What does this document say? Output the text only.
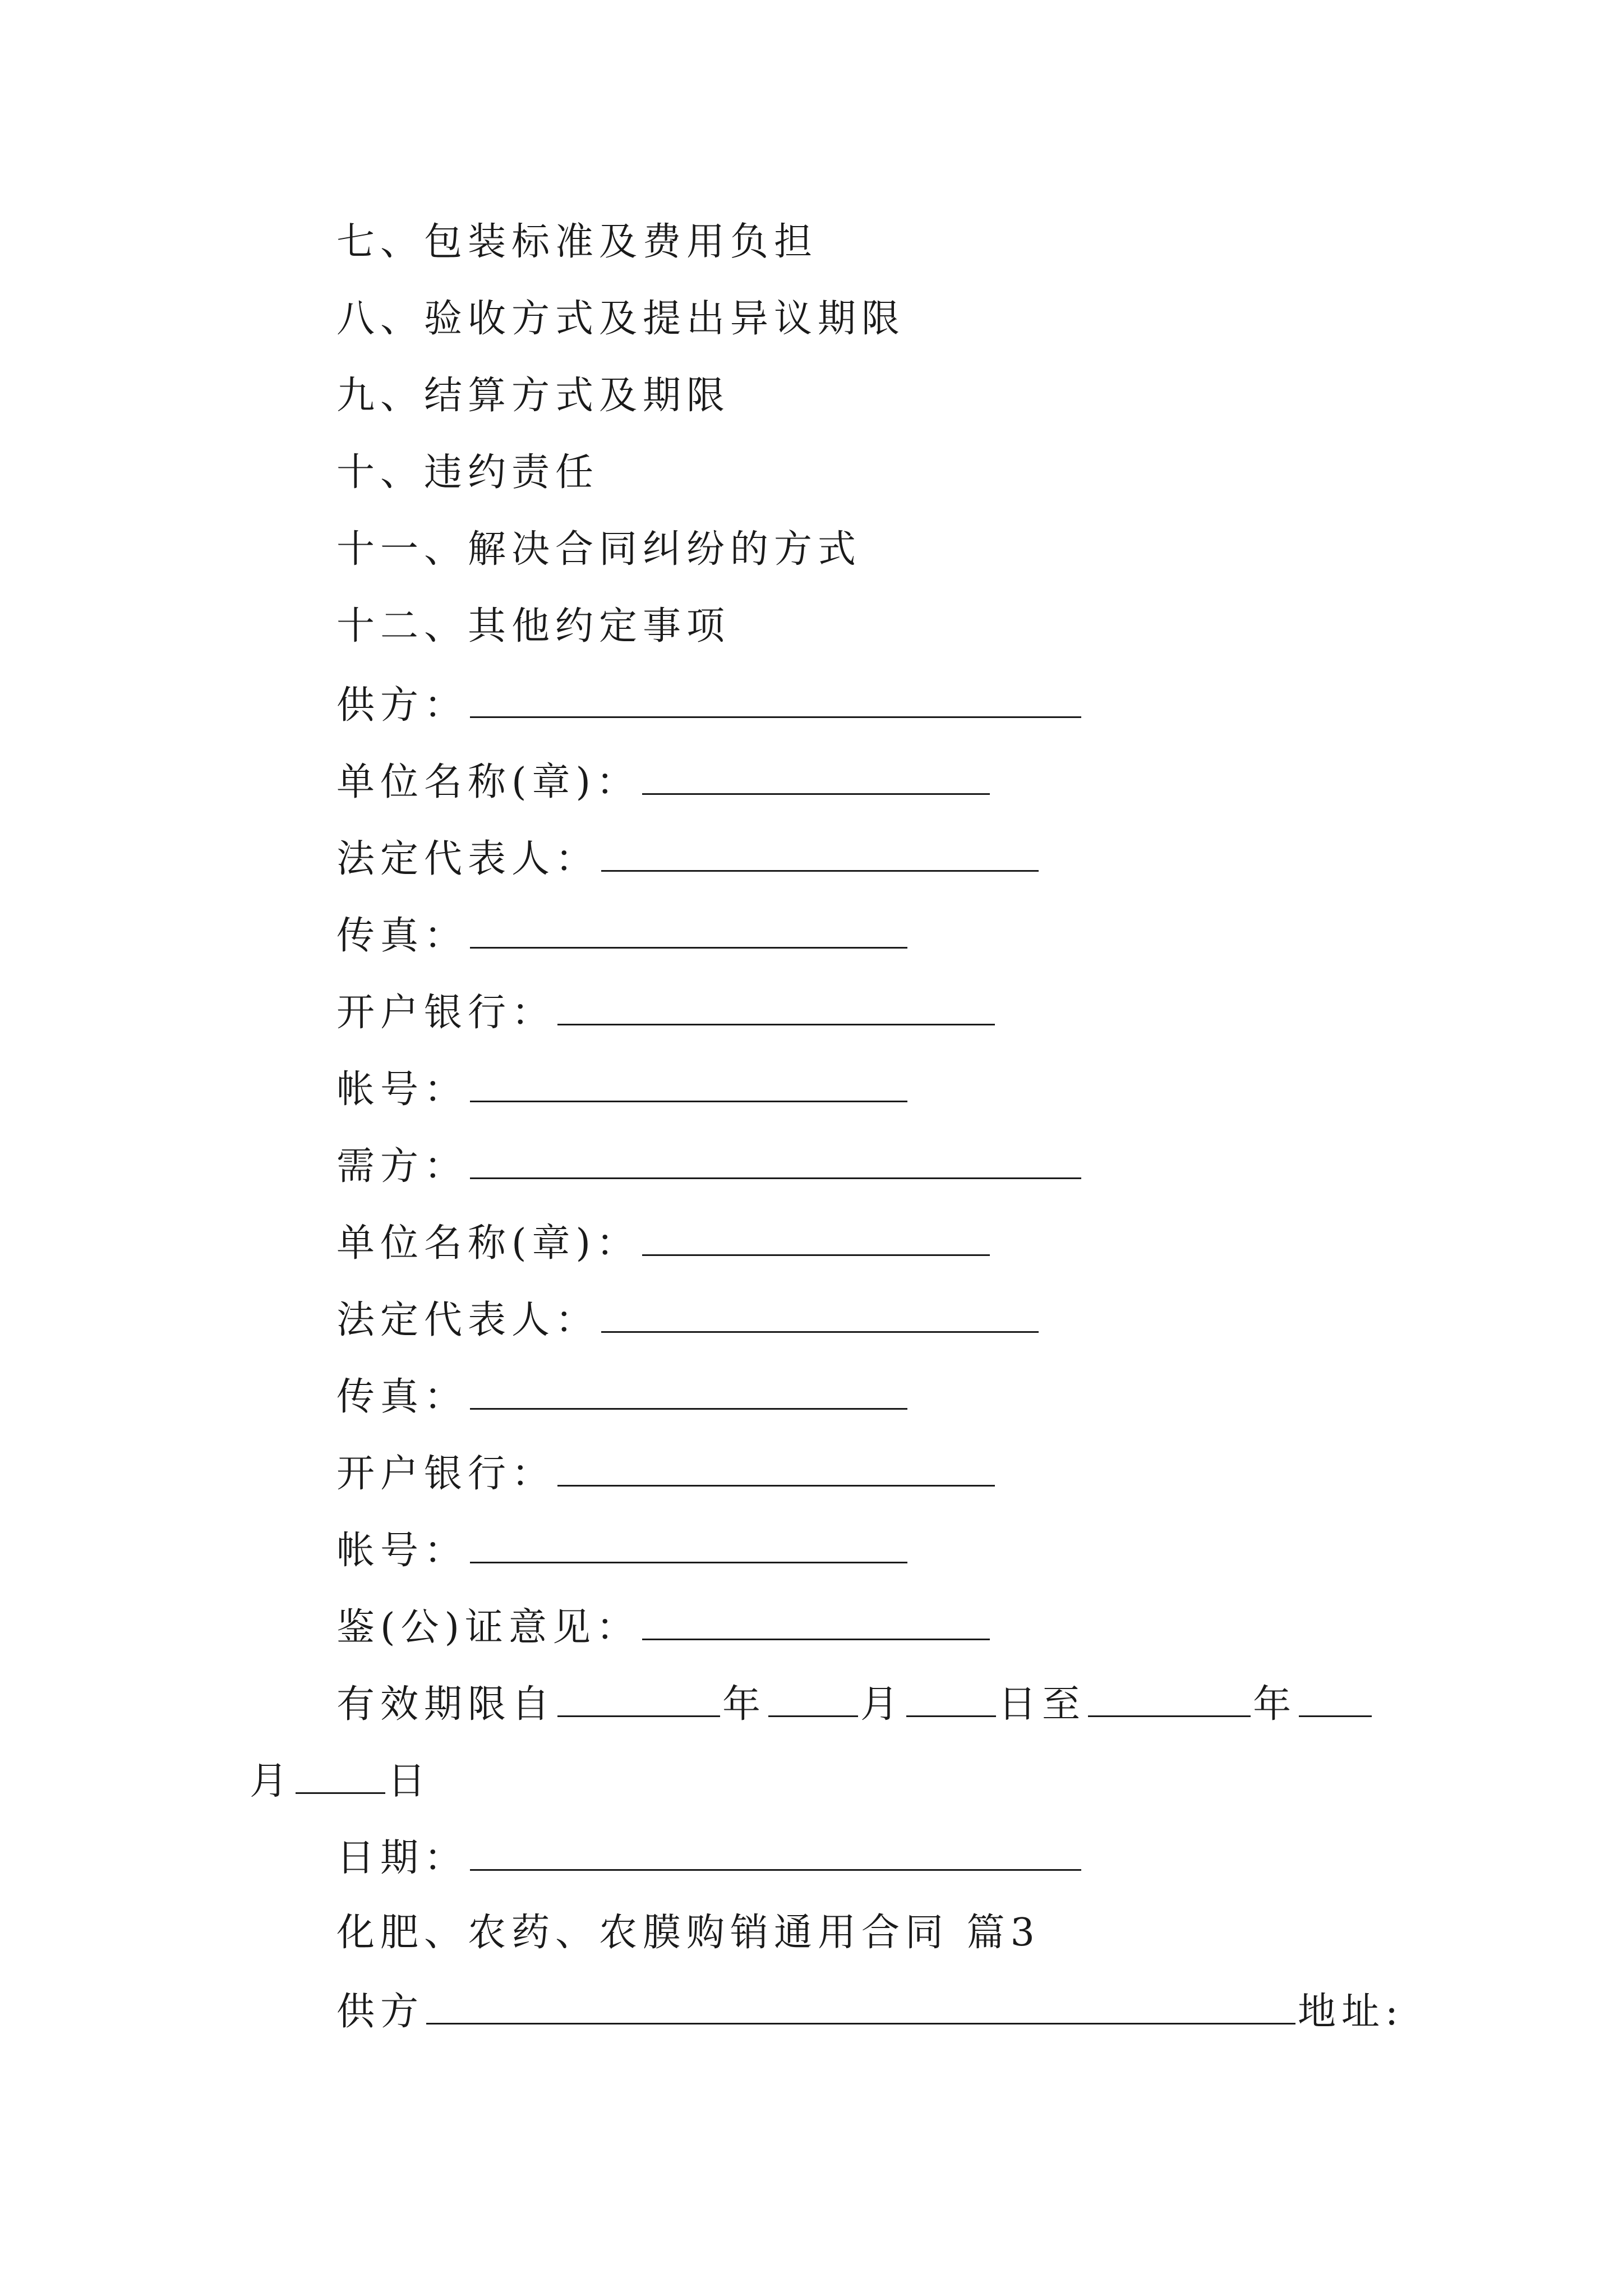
七、包装标准及费用负担
八、验收方式及提出异议期限
九、结算方式及期限
十、违约责任
十一、解决合同纠纷的方式
十二、其他约定事项
供方：
单位名称(章)：
法定代表人：
传真：
开户银行：
帐号：
需方：
单位名称(章)：
法定代表人：
传真：
开户银行：
帐号：
鉴(公)证意见：
有效期限自	年 月 日至	年月 日
日期：
化肥、农药、农膜购销通用合同 篇3
供方	地址:
